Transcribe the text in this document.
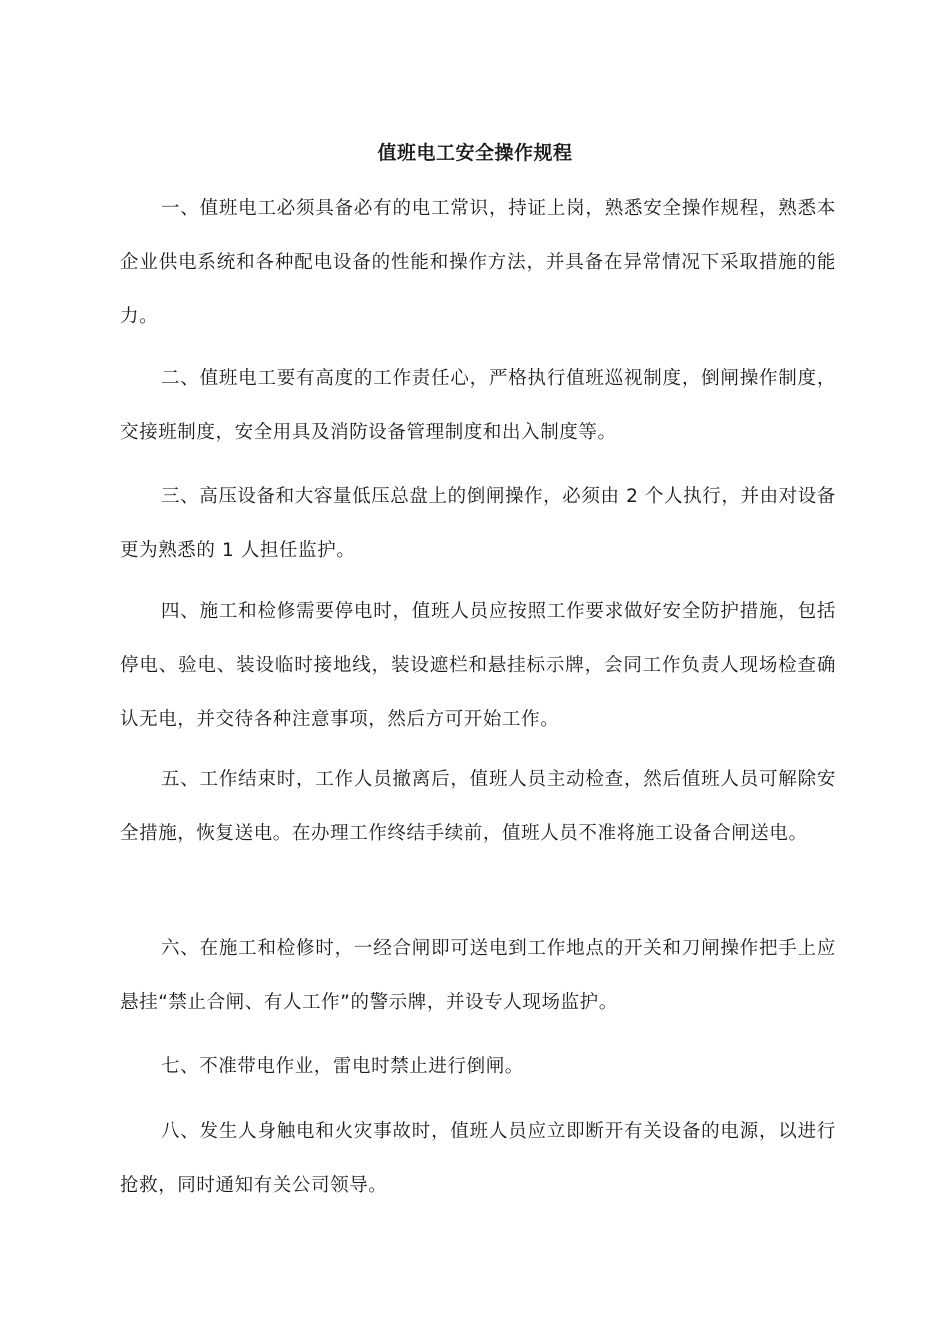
值班电工安全操作规程

一、值班电工必须具备必有的电工常识，持证上岗，熟悉安全操作规程，熟悉本企业供电系统和各种配电设备的性能和操作方法，并具备在异常情况下采取措施的能力。

二、值班电工要有高度的工作责任心，严格执行值班巡视制度，倒闸操作制度，交接班制度，安全用具及消防设备管理制度和出入制度等。

三、高压设备和大容量低压总盘上的倒闸操作，必须由 2 个人执行，并由对设备更为熟悉的 1 人担任监护。

四、施工和检修需要停电时，值班人员应按照工作要求做好安全防护措施，包括停电、验电、装设临时接地线，装设遮栏和悬挂标示牌，会同工作负责人现场检查确认无电，并交待各种注意事项，然后方可开始工作。

五、工作结束时，工作人员撤离后，值班人员主动检查，然后值班人员可解除安全措施，恢复送电。在办理工作终结手续前，值班人员不准将施工设备合闸送电。

六、在施工和检修时，一经合闸即可送电到工作地点的开关和刀闸操作把手上应悬挂“禁止合闸、有人工作”的警示牌，并设专人现场监护。

七、不准带电作业，雷电时禁止进行倒闸。

八、发生人身触电和火灾事故时，值班人员应立即断开有关设备的电源，以进行抢救，同时通知有关公司领导。
